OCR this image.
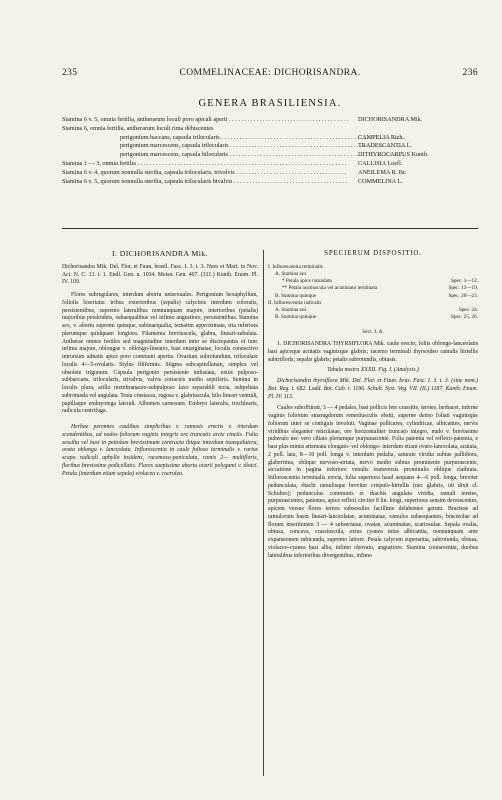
235	COMMELINACEAE: DICHORISANDRA.	236
GENERA BRASILIENSIA.
Stamina 6 v. 5, omnia fertilia, antherarum loculi poro apicali aperti . . .	DICHORISANDRA Mik.
Stamina 6, omnia fertilia, antherarum loculi rima dehiscentes
perigonium baccans, capsula trilocularis . . .	CAMPELIA Rich.
perigonium marcescens, capsula trilocularis . . .	TRADESCANTIA L.
perigonium marcescens, capsula bilocularis . . .	DITHYROCARPUS Kunth.
Stamina 1 — 3, omnia fertilia . . .	CALLISIA Loefl.
Stamina 6 v. 4, quorum nonnulla sterilia, capsula trilocularis, trivalvis . . .	ANEILEMA R. Br.
Stamina 6 v. 5, quorum nonnulla sterilia, capsula trilocularis bivalvis . . .	COMMELINA L.
I. DICHORISANDRA Mik.
Dichorisandra Mik. Del. Flor. et Faun. brasil. Fasc. I. 3. t. 3. Nees et Mart. in Nov. Act. N. C. 13. t. 1. Endl. Gen. n. 1034. Meisn. Gen. 407. (311.) Kunth. Enum. Pl. IV. 109.

Flores subregulares, interdum abortu unisexuales. Perigonium hexaphyllum, foliolis biseriatis: tribus exterioribus (sepalis) calycinis interdum coloratis, persistentibus, supremo lateralibus nonnunquam majore, interioribus (petalis) majoribus petaloideis, subaequalibus vel infimo angustiore, persistentibus. Stamina sex, v. abortu supremi quinque, subinaequalia, ternatim approximata, tria inferiora plerumque quidquam longiora. Filamenta breviuscula, glabra, lineari-subulata. Antherae omnes fertiles sed magnitudine interdum inter se discrepantes et tunc infima majore, oblongae v. oblongo-lineares, basi emarginatae, loculis connectivo introrsum adnatis apice poro communi apertis. Ovarium subrotundum, triloculare loculis 4—5-ovulatis. Stylus filiformis. Stigma subcapitellatum, simplex vel obsolete trigonum. Capsula perigonio persistente indusiata, extus pulposo-subbaccans, trilocularis, trivalvis, valvis coriaceis medio septiferis. Semina in loculis plura, arillo membranaceo-subpulposo laxo separabili tecta, subpeltata subrotunda vel angulata. Testa crustacea, rugosa v. glabriuscula, hilo lineari ventrali, papillaque embryotega laterali. Albumen carnosum. Embryo lateralis, trochlearis, radicula centrifuga.

Herbae perennes caulibus simplicibus v. ramosis erectis v. interdum scandentibus, ad nodos foliorum vaginis integris ore truncatis arcte cinctis. Folia sessilia vel basi in petiolum brevissimum contracta ibique interdum inaequilatera, ovata oblonga v. lanceolata. Inflorescentia in caule folioso terminalis v. rarius scapo radicali aphyllo insidens, racemoso-paniculata, ramis 2— multifloris, floribus brevissime pedicellatis. Flores saepissime abortu ovarii polygami v. dioici. Petala (interdum etiam sepala) violacea v. coerulea.
SPECIERUM DISPOSITIO.
I. Inflorescentia terminalis
A. Stamina sex
* Petala apice rotundata	Spec. 1—12.
** Petala acutiuscula vel acuminato terminata	Spec. 13—19.
B. Stamina quinque	Spec. 20—23.
II. Inflorescentia radicalis
A. Stamina sex	Spec. 24.
B. Stamina quinque	Spec. 25, 26.
Sect. I. A.
1. DICHORISANDRA THYRSIFLORA Mik. caule erecto; foliis oblongo-lanceolatis basi apiceque acutatis vaginisque glabris; racemo terminali thyrsoideo ramulis hirtellis subtriflorís; sepalis glabris; petalis subrotundis, obtusis.
Tabula nostra XXXII. Fig. I. (Analysis.)
Dichorisandra thyrsiflora Mik. Del. Flor. et Faun. bras. Fasc. I. 3. t. 3. (sine nom.) Bot. Reg. t. 682. Lodd. Bot. Cab. t. 1196. Schult. Syst. Veg. VII. (II.) 1187. Kunth. Enum. Pl. IV. 113.
Caules suboffitrati, 3 — 4 pedales, basi pollicis fere crassitie, teretes, herbacei, inferne vaginis foliorum smaragdorum remotiusculis obsiti, superne denso foliati vaginisque foliorum inter se contiguis involuti. Vaginae pollicares, cylindricae, albicantes, nervis viridibus eleganter reticulatae, ore horizontaliter truncato integro, nudo v. brevissime puberulo nec vero ciliato plerumque purpurascente. Folia patentia vel reflexo-patentia, e basi plus minus attenuata elongato- vel oblongo- interdum etiam ovato-lanceolata, acutata, 2 poll. lata, 8—10 poll. longa v. interdum pedalia, saturate viridia subtus pallidiora, glaberrima, oblique nervoso-striata, nervo medio subtus prominente purpurascente, siccatione in pagina inferiore venulis transversis prominulis oblique clathrata. Inflorescentia terminalis erecta, folia superiora haud aequans 4—6 poll. longa, breviter pedunculata, rhachi ramulisque breviter crispulo-hirtellis (nec glabris, uti dixit cl. Schultes); pedunculus communis et rhachis angulata viridia, ramuli teretes, purpurascentes, patentes, apice reflexi circiter 8 lin. longi, superiores sensim decrescentes, apicem versus flores ternos subsessiles facillime delabentes gerunt. Bracteae ad ramulorum basin lineari-lanceolatae, acuminatae, ramulos subaequantes, bracteolae ad florum insertionem 3 — 4 subseriatae, ovatae, acuminatae, scariosulae. Sepala ovalia, obtusa, concava, crassiuscula, extus cyanea intus albicantia, nonnunquam ante expansionem rubicunda, supremo latiore. Petala calycem superantia, subrotunda, obtusa, violaceo-cyanea basi alba, infimo obovato, angustiore. Stamina connaventia, duobus lateralibus inferioribus divergentibus, infimo
